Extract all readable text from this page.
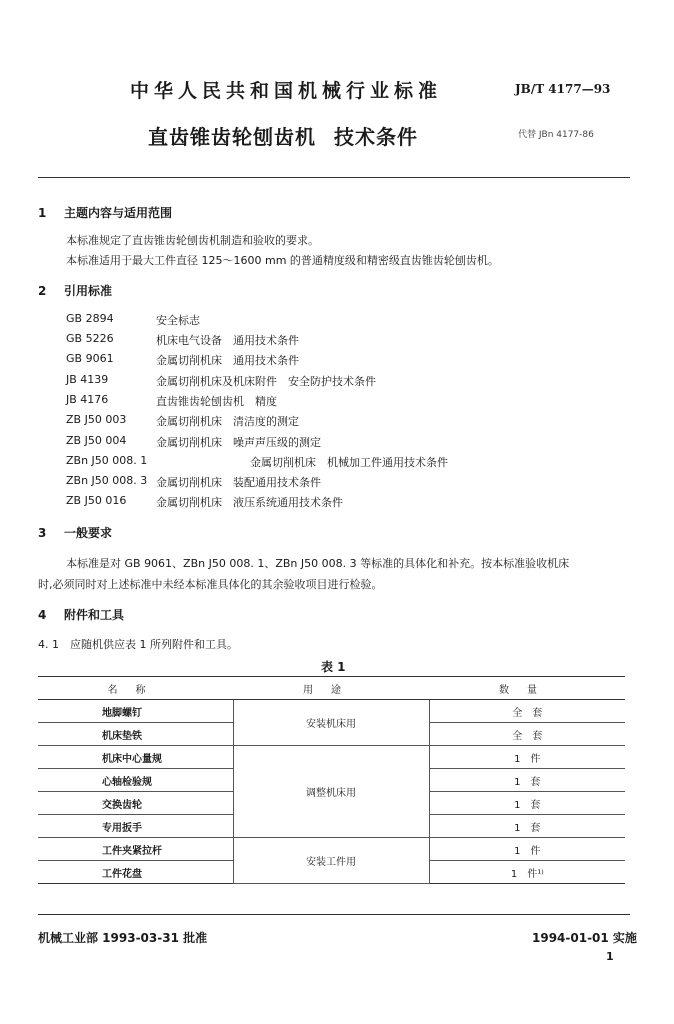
中华人民共和国机械行业标准	JB/T 4177—93
直齿锥齿轮刨齿机 技术条件	代替 JBn 4177-86
1 主题内容与适用范围
本标准规定了直齿锥齿轮刨齿机制造和验收的要求。
本标准适用于最大工件直径 125～1600 mm 的普通精度级和精密级直齿锥齿轮刨齿机。
2 引用标准
GB 2894	安全标志
GB 5226	机床电气设备　通用技术条件
GB 9061	金属切削机床　通用技术条件
JB 4139	金属切削机床及机床附件　安全防护技术条件
JB 4176	直齿锥齿轮刨齿机　精度
ZB J50 003	金属切削机床　清洁度的测定
ZB J50 004	金属切削机床　噪声声压级的测定
ZBn J50 008. 1	金属切削机床　机械加工件通用技术条件
ZBn J50 008. 3 金属切削机床　装配通用技术条件
ZB J50 016	金属切削机床　液压系统通用技术条件
3 一般要求
本标准是对 GB 9061、ZBn J50 008. 1、ZBn J50 008. 3 等标准的具体化和补充。按本标准验收机床
时,必须同时对上述标准中未经本标准具体化的其余验收项目进行检验。
4 附件和工具
4. 1　应随机供应表 1 所列附件和工具。
表 1
名称	用途	数量
地脚螺钉	安装机床用	全　套
机床垫铁		全　套
机床中心量规	调整机床用	1　件
心轴检验规		1　套
交换齿轮		1　套
专用扳手		1　套
工件夹紧拉杆	安装工件用	1　件
工件花盘		1　件¹⁾
机械工业部 1993-03-31 批准	1994-01-01 实施
1
